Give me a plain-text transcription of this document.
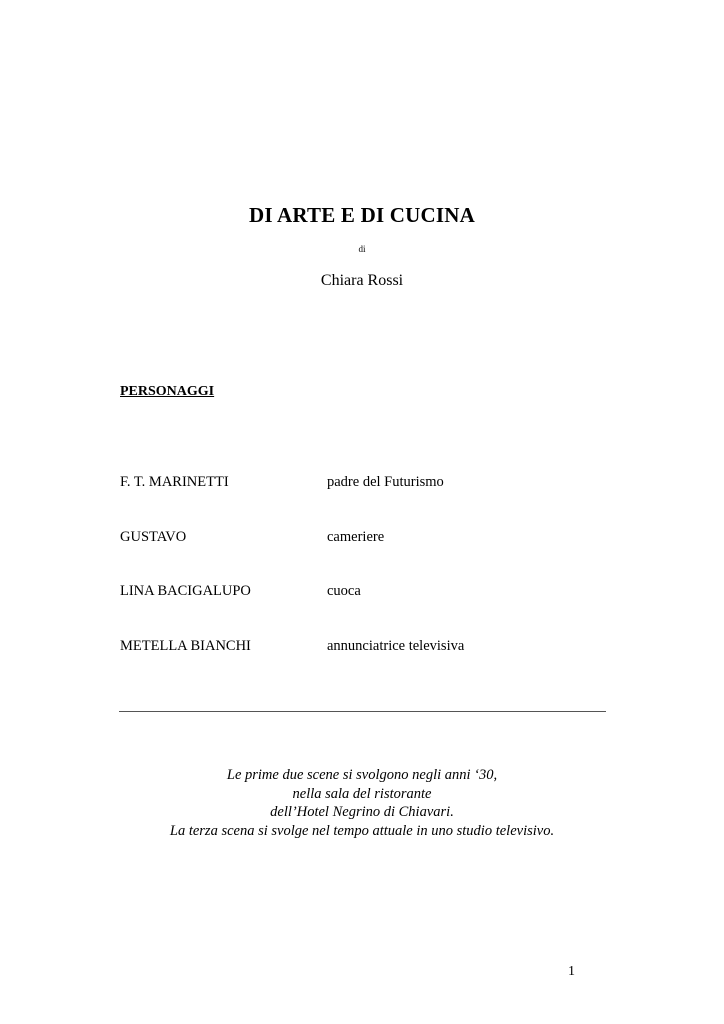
DI ARTE E DI CUCINA
di
Chiara Rossi
PERSONAGGI
F. T. MARINETTI	padre del Futurismo
GUSTAVO	cameriere
LINA BACIGALUPO	cuoca
METELLA BIANCHI	annunciatrice televisiva
Le prime due scene si svolgono negli anni ‘30,
nella sala del ristorante
dell’Hotel Negrino di Chiavari.
La terza scena si svolge nel tempo attuale in uno studio televisivo.
1
